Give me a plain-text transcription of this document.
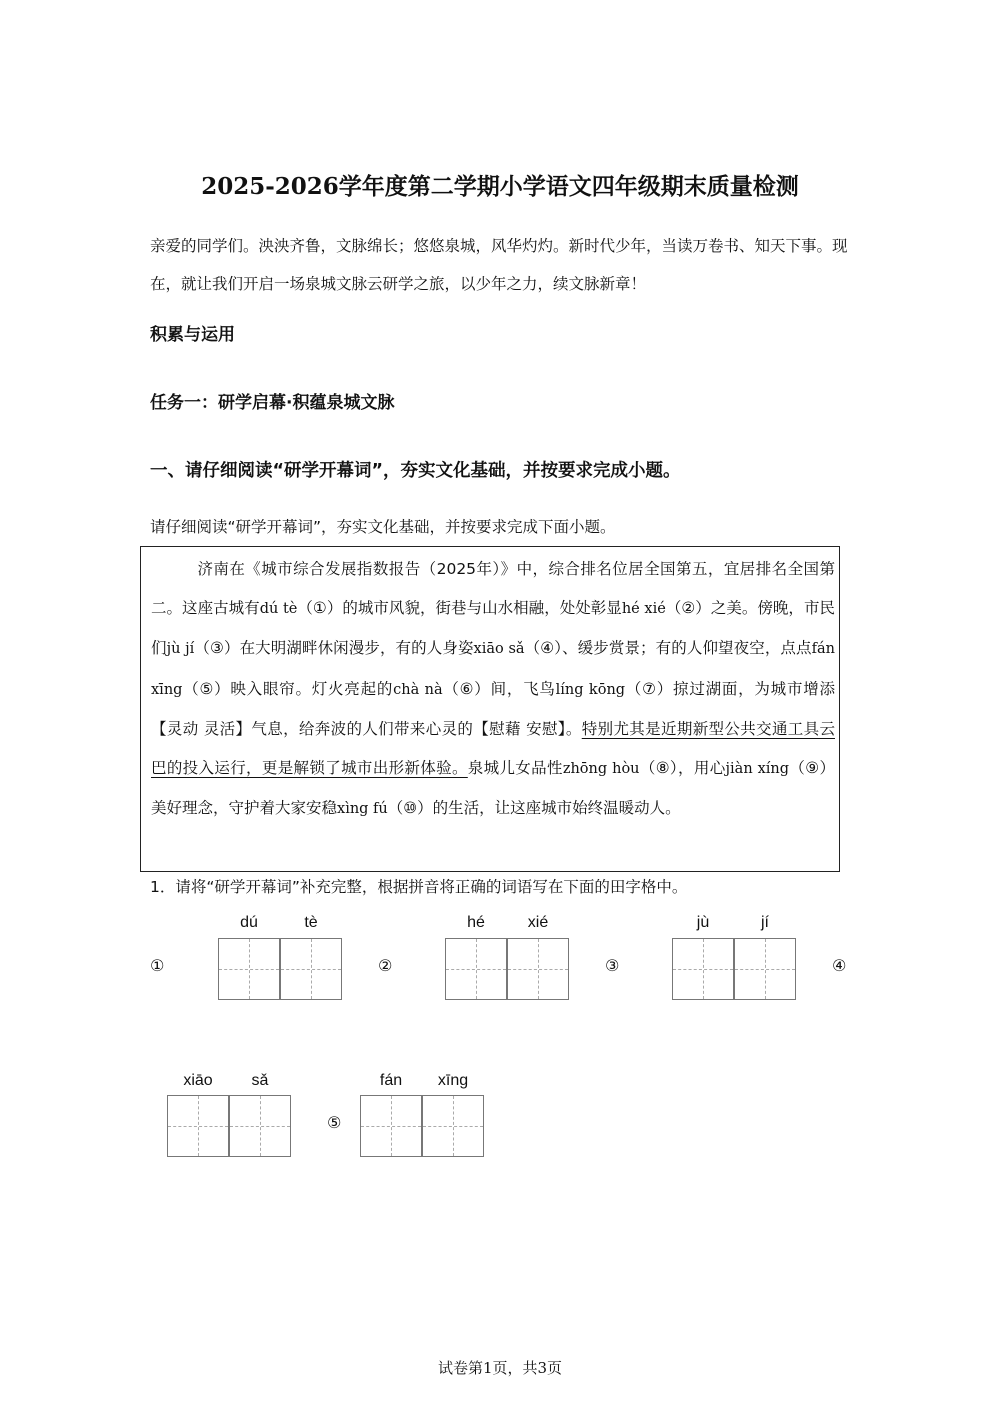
2025-2026学年度第二学期小学语文四年级期末质量检测
亲爱的同学们。泱泱齐鲁，文脉绵长；悠悠泉城，风华灼灼。新时代少年，当读万卷书、知天下事。现在，就让我们开启一场泉城文脉云研学之旅，以少年之力，续文脉新章！
积累与运用
任务一：研学启幕·积蕴泉城文脉
一、请仔细阅读“研学开幕词”，夯实文化基础，并按要求完成小题。
请仔细阅读“研学开幕词”，夯实文化基础，并按要求完成下面小题。
济南在《城市综合发展指数报告（2025年）》中，综合排名位居全国第五，宜居排名全国第二。这座古城有dú tè（①）的城市风貌，街巷与山水相融，处处彰显hé xié（②）之美。傍晚，市民们jù jí（③）在大明湖畔休闲漫步，有的人身姿xiāo sǎ（④）、缓步赏景；有的人仰望夜空，点点fán xīng（⑤）映入眼帘。灯火亮起的chà nà（⑥）间，飞鸟líng kōng（⑦）掠过湖面，为城市增添【灵动 灵活】气息，给奔波的人们带来心灵的【慰藉 安慰】。特别尤其是近期新型公共交通工具云巴的投入运行，更是解锁了城市出形新体验。泉城儿女品性zhōng hòu（⑧），用心jiàn xíng（⑨）美好理念，守护着大家安稳xìng fú（⑩）的生活，让这座城市始终温暖动人。
1．请将“研学开幕词”补充完整，根据拼音将正确的词语写在下面的田字格中。
①
dú	tè
②
hé	xié
③
jù	jí
④
xiāo	sǎ
⑤
fán	xīng
试卷第1页，共3页
